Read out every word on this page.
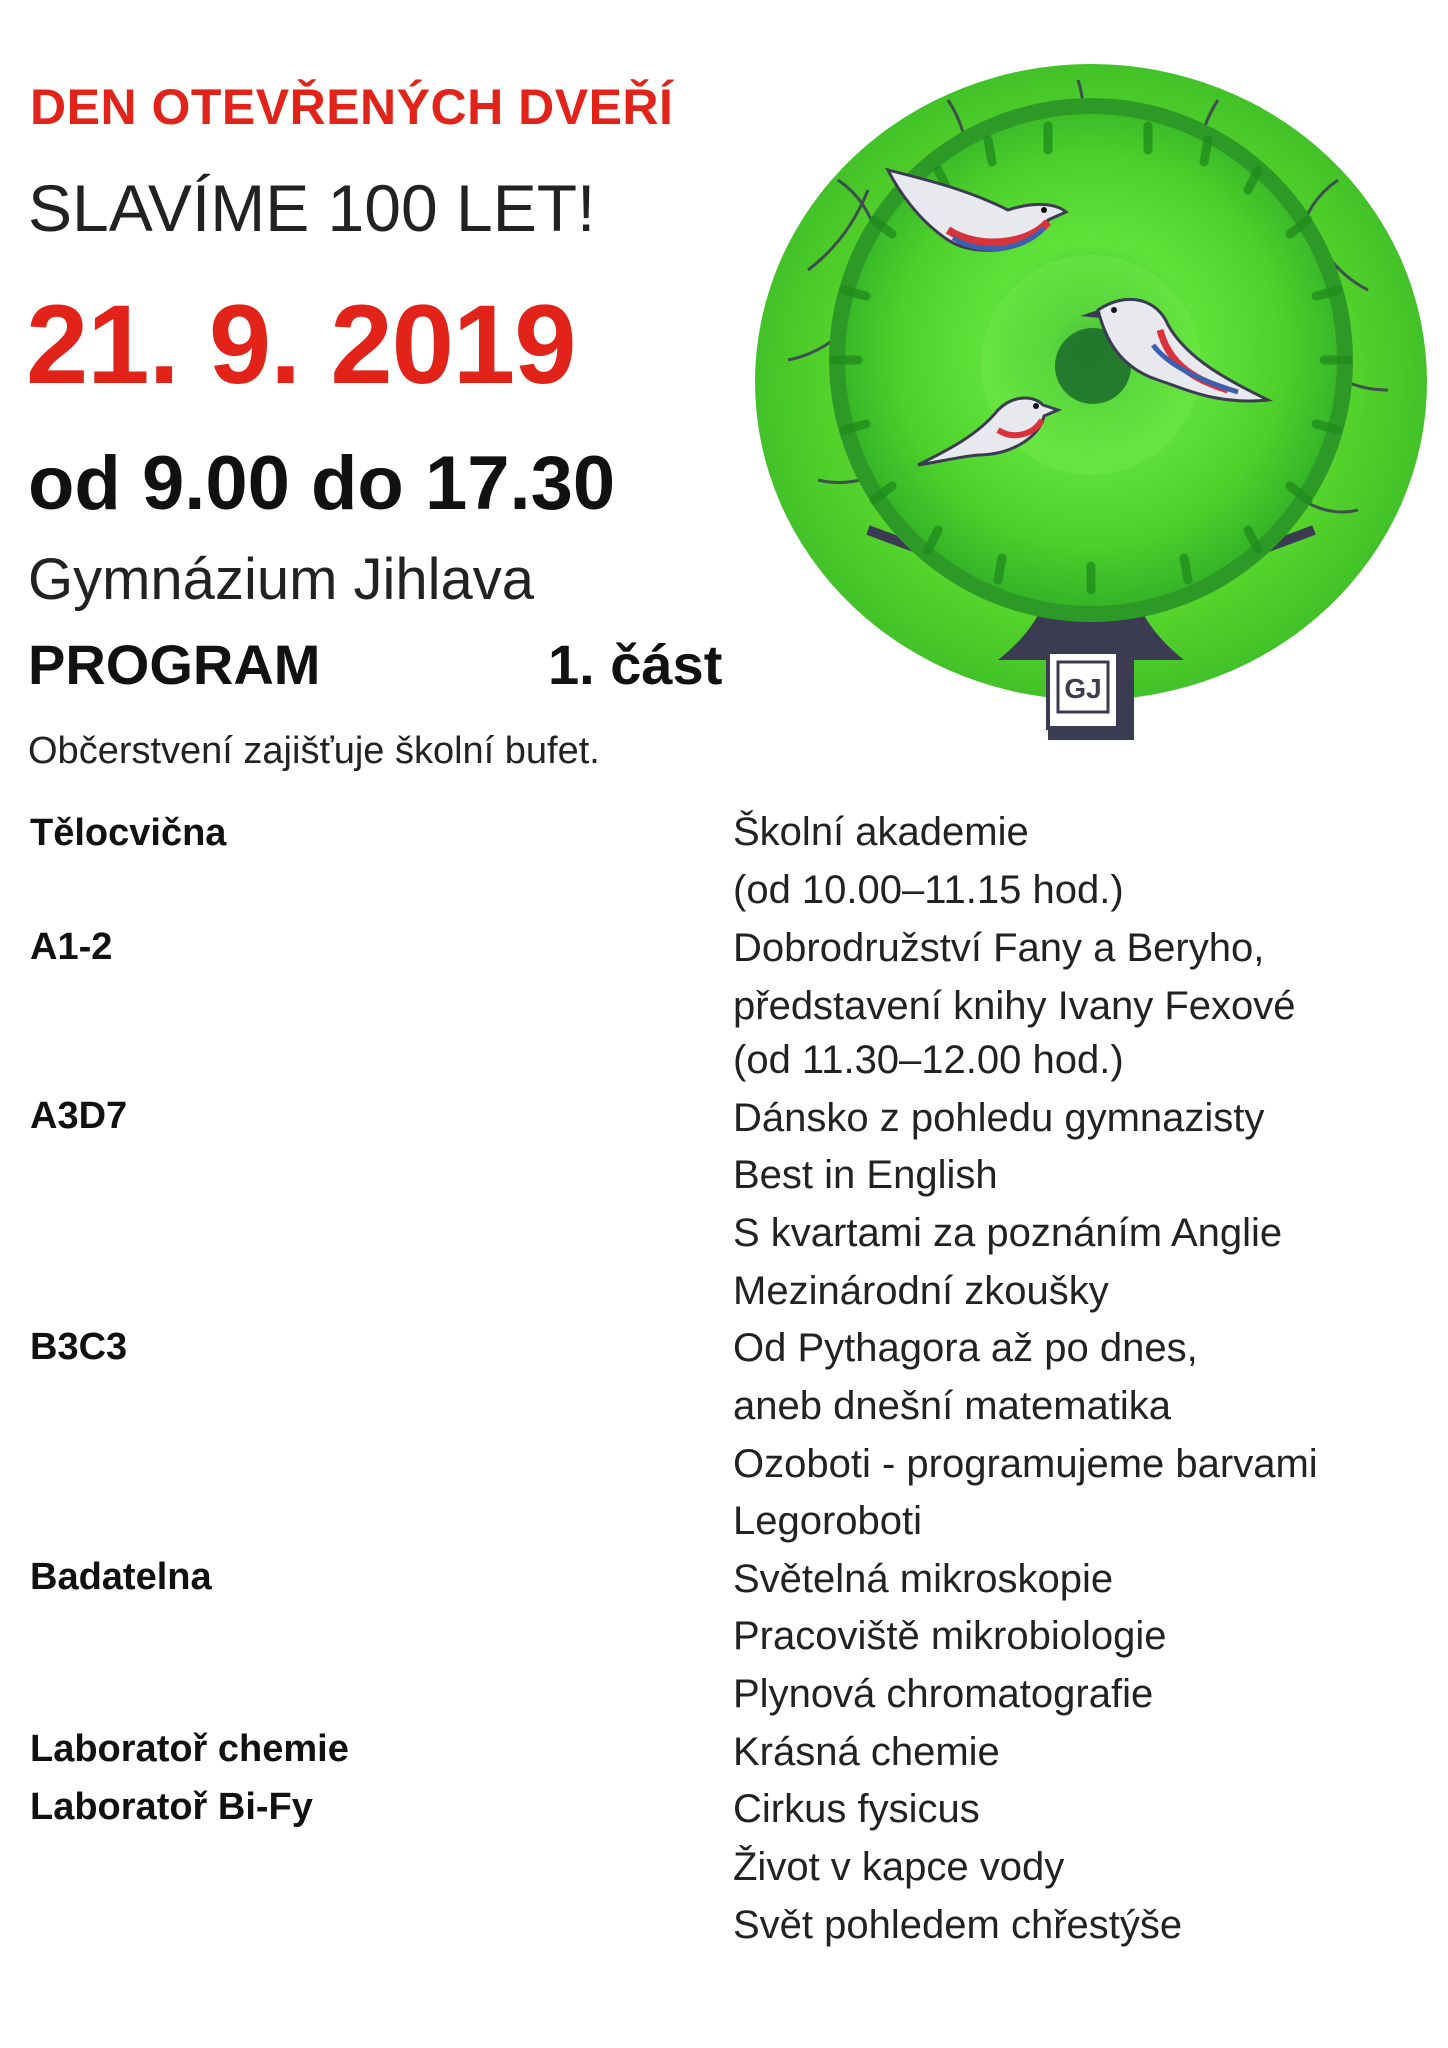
DEN OTEVŘENÝCH DVEŘÍ
SLAVÍME 100 LET!
21. 9. 2019
od 9.00 do 17.30
Gymnázium Jihlava
PROGRAM	1. část
Občerstvení zajišťuje školní bufet.
GJ
Tělocvična
A1-2
A3D7
B3C3
Badatelna
Laboratoř chemie
Laboratoř Bi-Fy
Školní akademie
(od 10.00–11.15 hod.)
Dobrodružství Fany a Beryho,
představení knihy Ivany Fexové
(od 11.30–12.00 hod.)
Dánsko z pohledu gymnazisty
Best in English
S kvartami za poznáním Anglie
Mezinárodní zkoušky
Od Pythagora až po dnes,
aneb dnešní matematika
Ozoboti - programujeme barvami
Legoroboti
Světelná mikroskopie
Pracoviště mikrobiologie
Plynová chromatografie
Krásná chemie
Cirkus fysicus
Život v kapce vody
Svět pohledem chřestýše
